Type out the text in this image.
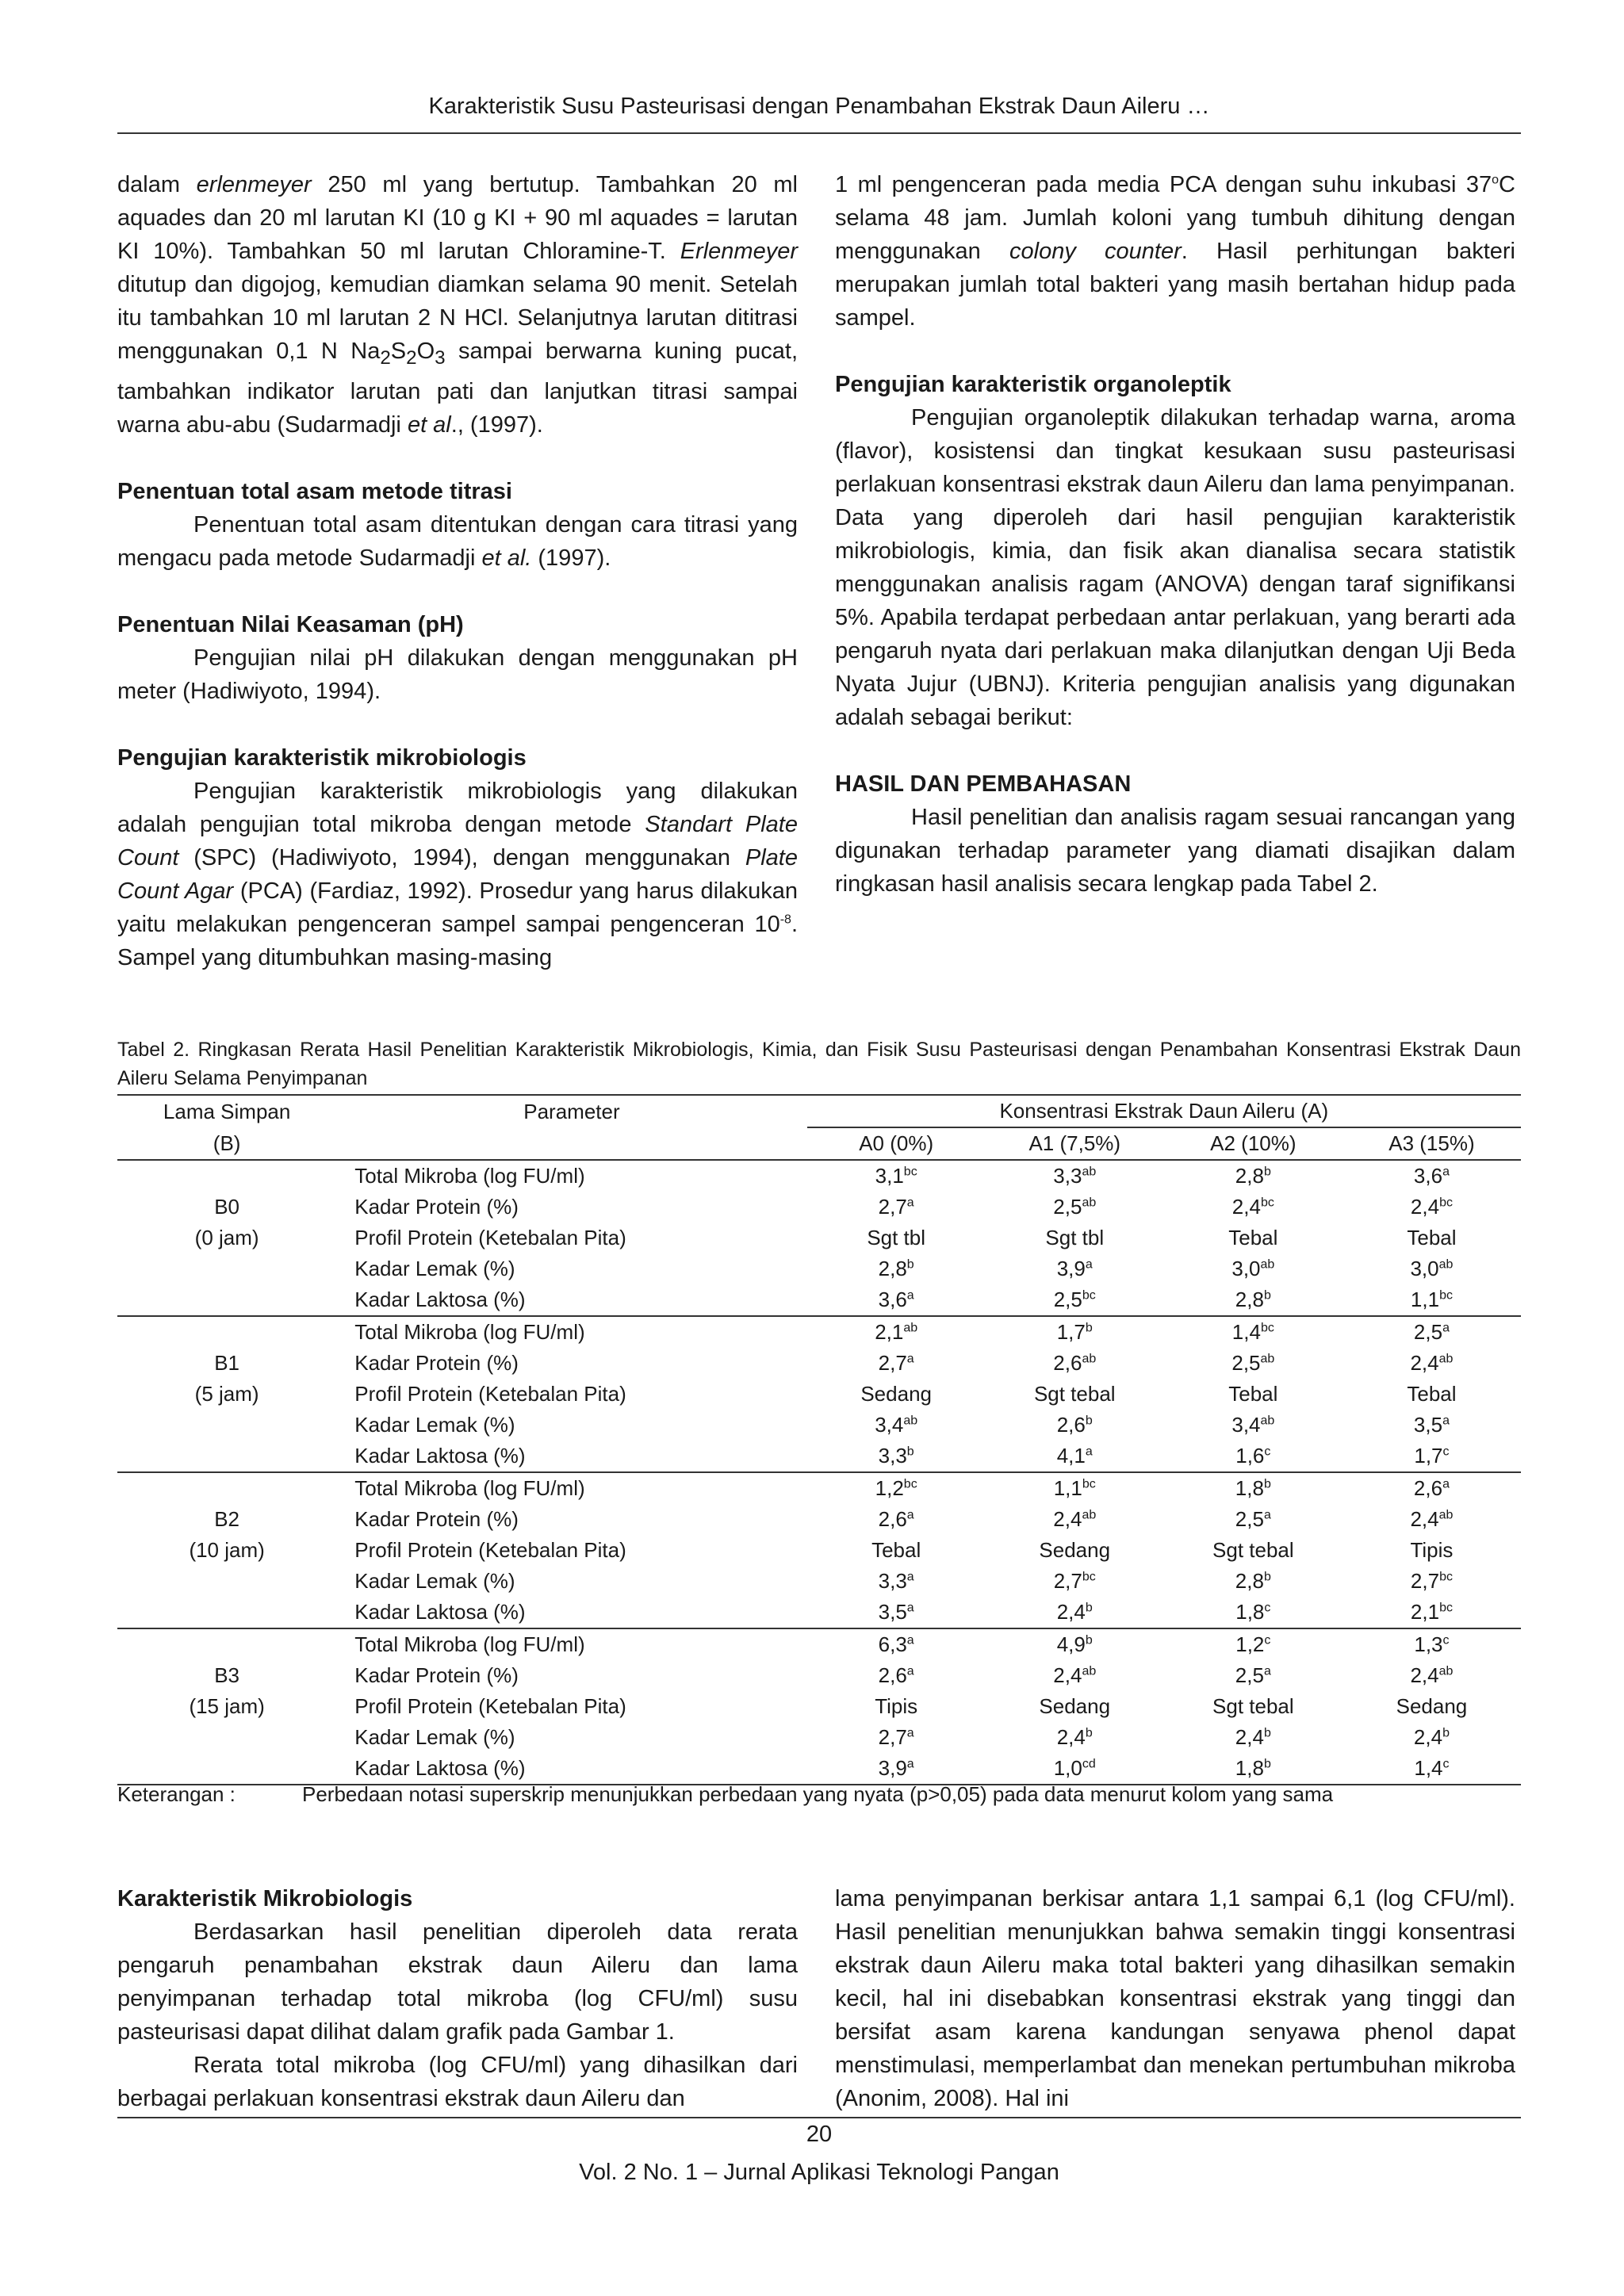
Karakteristik Susu Pasteurisasi dengan Penambahan Ekstrak Daun Aileru …

dalam erlenmeyer 250 ml yang bertutup. Tambahkan 20 ml aquades dan 20 ml larutan KI (10 g KI + 90 ml aquades = larutan KI 10%). Tambahkan 50 ml larutan Chloramine-T. Erlenmeyer ditutup dan digojog, kemudian diamkan selama 90 menit. Setelah itu tambahkan 10 ml larutan 2 N HCl. Selanjutnya larutan dititrasi menggunakan 0,1 N $Na_2S_2O_3$ sampai berwarna kuning pucat, tambahkan indikator larutan pati dan lanjutkan titrasi sampai warna abu-abu (Sudarmadji et al., (1997).

Penentuan total asam metode titrasi

Penentuan total asam ditentukan dengan cara titrasi yang mengacu pada metode Sudarmadji et al. (1997).

Penentuan Nilai Keasaman (pH)

Pengujian nilai pH dilakukan dengan menggunakan pH meter (Hadiwiyoto, 1994).

Pengujian karakteristik mikrobiologis

Pengujian karakteristik mikrobiologis yang dilakukan adalah pengujian total mikroba dengan metode Standart Plate Count (SPC) (Hadiwiyoto, 1994), dengan menggunakan Plate Count Agar (PCA) (Fardiaz, 1992). Prosedur yang harus dilakukan yaitu melakukan pengenceran sampel sampai pengenceran $10^{-8}$. Sampel yang ditumbuhkan masing-masing

1 ml pengenceran pada media PCA dengan suhu inkubasi 37$^o$C selama 48 jam. Jumlah koloni yang tumbuh dihitung dengan menggunakan colony counter. Hasil perhitungan bakteri merupakan jumlah total bakteri yang masih bertahan hidup pada sampel.

Pengujian karakteristik organoleptik

Pengujian organoleptik dilakukan terhadap warna, aroma (flavor), kosistensi dan tingkat kesukaan susu pasteurisasi perlakuan konsentrasi ekstrak daun Aileru dan lama penyimpanan. Data yang diperoleh dari hasil pengujian karakteristik mikrobiologis, kimia, dan fisik akan dianalisa secara statistik menggunakan analisis ragam (ANOVA) dengan taraf signifikansi 5%. Apabila terdapat perbedaan antar perlakuan, yang berarti ada pengaruh nyata dari perlakuan maka dilanjutkan dengan Uji Beda Nyata Jujur (UBNJ). Kriteria pengujian analisis yang digunakan adalah sebagai berikut:

HASIL DAN PEMBAHASAN

Hasil penelitian dan analisis ragam sesuai rancangan yang digunakan terhadap parameter yang diamati disajikan dalam ringkasan hasil analisis secara lengkap pada Tabel 2.

Tabel 2. Ringkasan Rerata Hasil Penelitian Karakteristik Mikrobiologis, Kimia, dan Fisik Susu Pasteurisasi dengan Penambahan Konsentrasi Ekstrak Daun Aileru Selama Penyimpanan
Lama Simpan	Parameter	Konsentrasi Ekstrak Daun Aileru (A)			
(B)		A0 (0%)	A1 (7,5%)	A2 (10%)	A3 (15%)
	Total Mikroba (log FU/ml)	3,1$^{bc}$	3,3$^{ab}$	2,8$^b$	3,6$^a$
B0	Kadar Protein (%)	2,7$^a$	2,5$^{ab}$	2,4$^{bc}$	2,4$^{bc}$
(0 jam)	Profil Protein (Ketebalan Pita)	Sgt tbl	Sgt tbl	Tebal	Tebal
	Kadar Lemak (%)	2,8$^b$	3,9$^a$	3,0$^{ab}$	3,0$^{ab}$
	Kadar Laktosa (%)	3,6$^a$	2,5$^{bc}$	2,8$^b$	1,1$^{bc}$
	Total Mikroba (log FU/ml)	2,1$^{ab}$	1,7$^b$	1,4$^{bc}$	2,5$^a$
B1	Kadar Protein (%)	2,7$^a$	2,6$^{ab}$	2,5$^{ab}$	2,4$^{ab}$
(5 jam)	Profil Protein (Ketebalan Pita)	Sedang	Sgt tebal	Tebal	Tebal
	Kadar Lemak (%)	3,4$^{ab}$	2,6$^b$	3,4$^{ab}$	3,5$^a$
	Kadar Laktosa (%)	3,3$^b$	4,1$^a$	1,6$^c$	1,7$^c$
	Total Mikroba (log FU/ml)	1,2$^{bc}$	1,1$^{bc}$	1,8$^b$	2,6$^a$
B2	Kadar Protein (%)	2,6$^a$	2,4$^{ab}$	2,5$^a$	2,4$^{ab}$
(10 jam)	Profil Protein (Ketebalan Pita)	Tebal	Sedang	Sgt tebal	Tipis
	Kadar Lemak (%)	3,3$^a$	2,7$^{bc}$	2,8$^b$	2,7$^{bc}$
	Kadar Laktosa (%)	3,5$^a$	2,4$^b$	1,8$^c$	2,1$^{bc}$
	Total Mikroba (log FU/ml)	6,3$^a$	4,9$^b$	1,2$^c$	1,3$^c$
B3	Kadar Protein (%)	2,6$^a$	2,4$^{ab}$	2,5$^a$	2,4$^{ab}$
(15 jam)	Profil Protein (Ketebalan Pita)	Tipis	Sedang	Sgt tebal	Sedang
	Kadar Lemak (%)	2,7$^a$	2,4$^b$	2,4$^b$	2,4$^b$
	Kadar Laktosa (%)	3,9$^a$	1,0$^{cd}$	1,8$^b$	1,4$^c$
Keterangan :	Perbedaan notasi superskrip menunjukkan perbedaan yang nyata (p>0,05) pada data menurut kolom yang sama
Karakteristik Mikrobiologis

Berdasarkan hasil penelitian diperoleh data rerata pengaruh penambahan ekstrak daun Aileru dan lama penyimpanan terhadap total mikroba (log CFU/ml) susu pasteurisasi dapat dilihat dalam grafik pada Gambar 1.

Rerata total mikroba (log CFU/ml) yang dihasilkan dari berbagai perlakuan konsentrasi ekstrak daun Aileru dan

lama penyimpanan berkisar antara 1,1 sampai 6,1 (log CFU/ml). Hasil penelitian menunjukkan bahwa semakin tinggi konsentrasi ekstrak daun Aileru maka total bakteri yang dihasilkan semakin kecil, hal ini disebabkan konsentrasi ekstrak yang tinggi dan bersifat asam karena kandungan senyawa phenol dapat menstimulasi, memperlambat dan menekan pertumbuhan mikroba (Anonim, 2008). Hal ini

20
Vol. 2 No. 1 – Jurnal Aplikasi Teknologi Pangan
